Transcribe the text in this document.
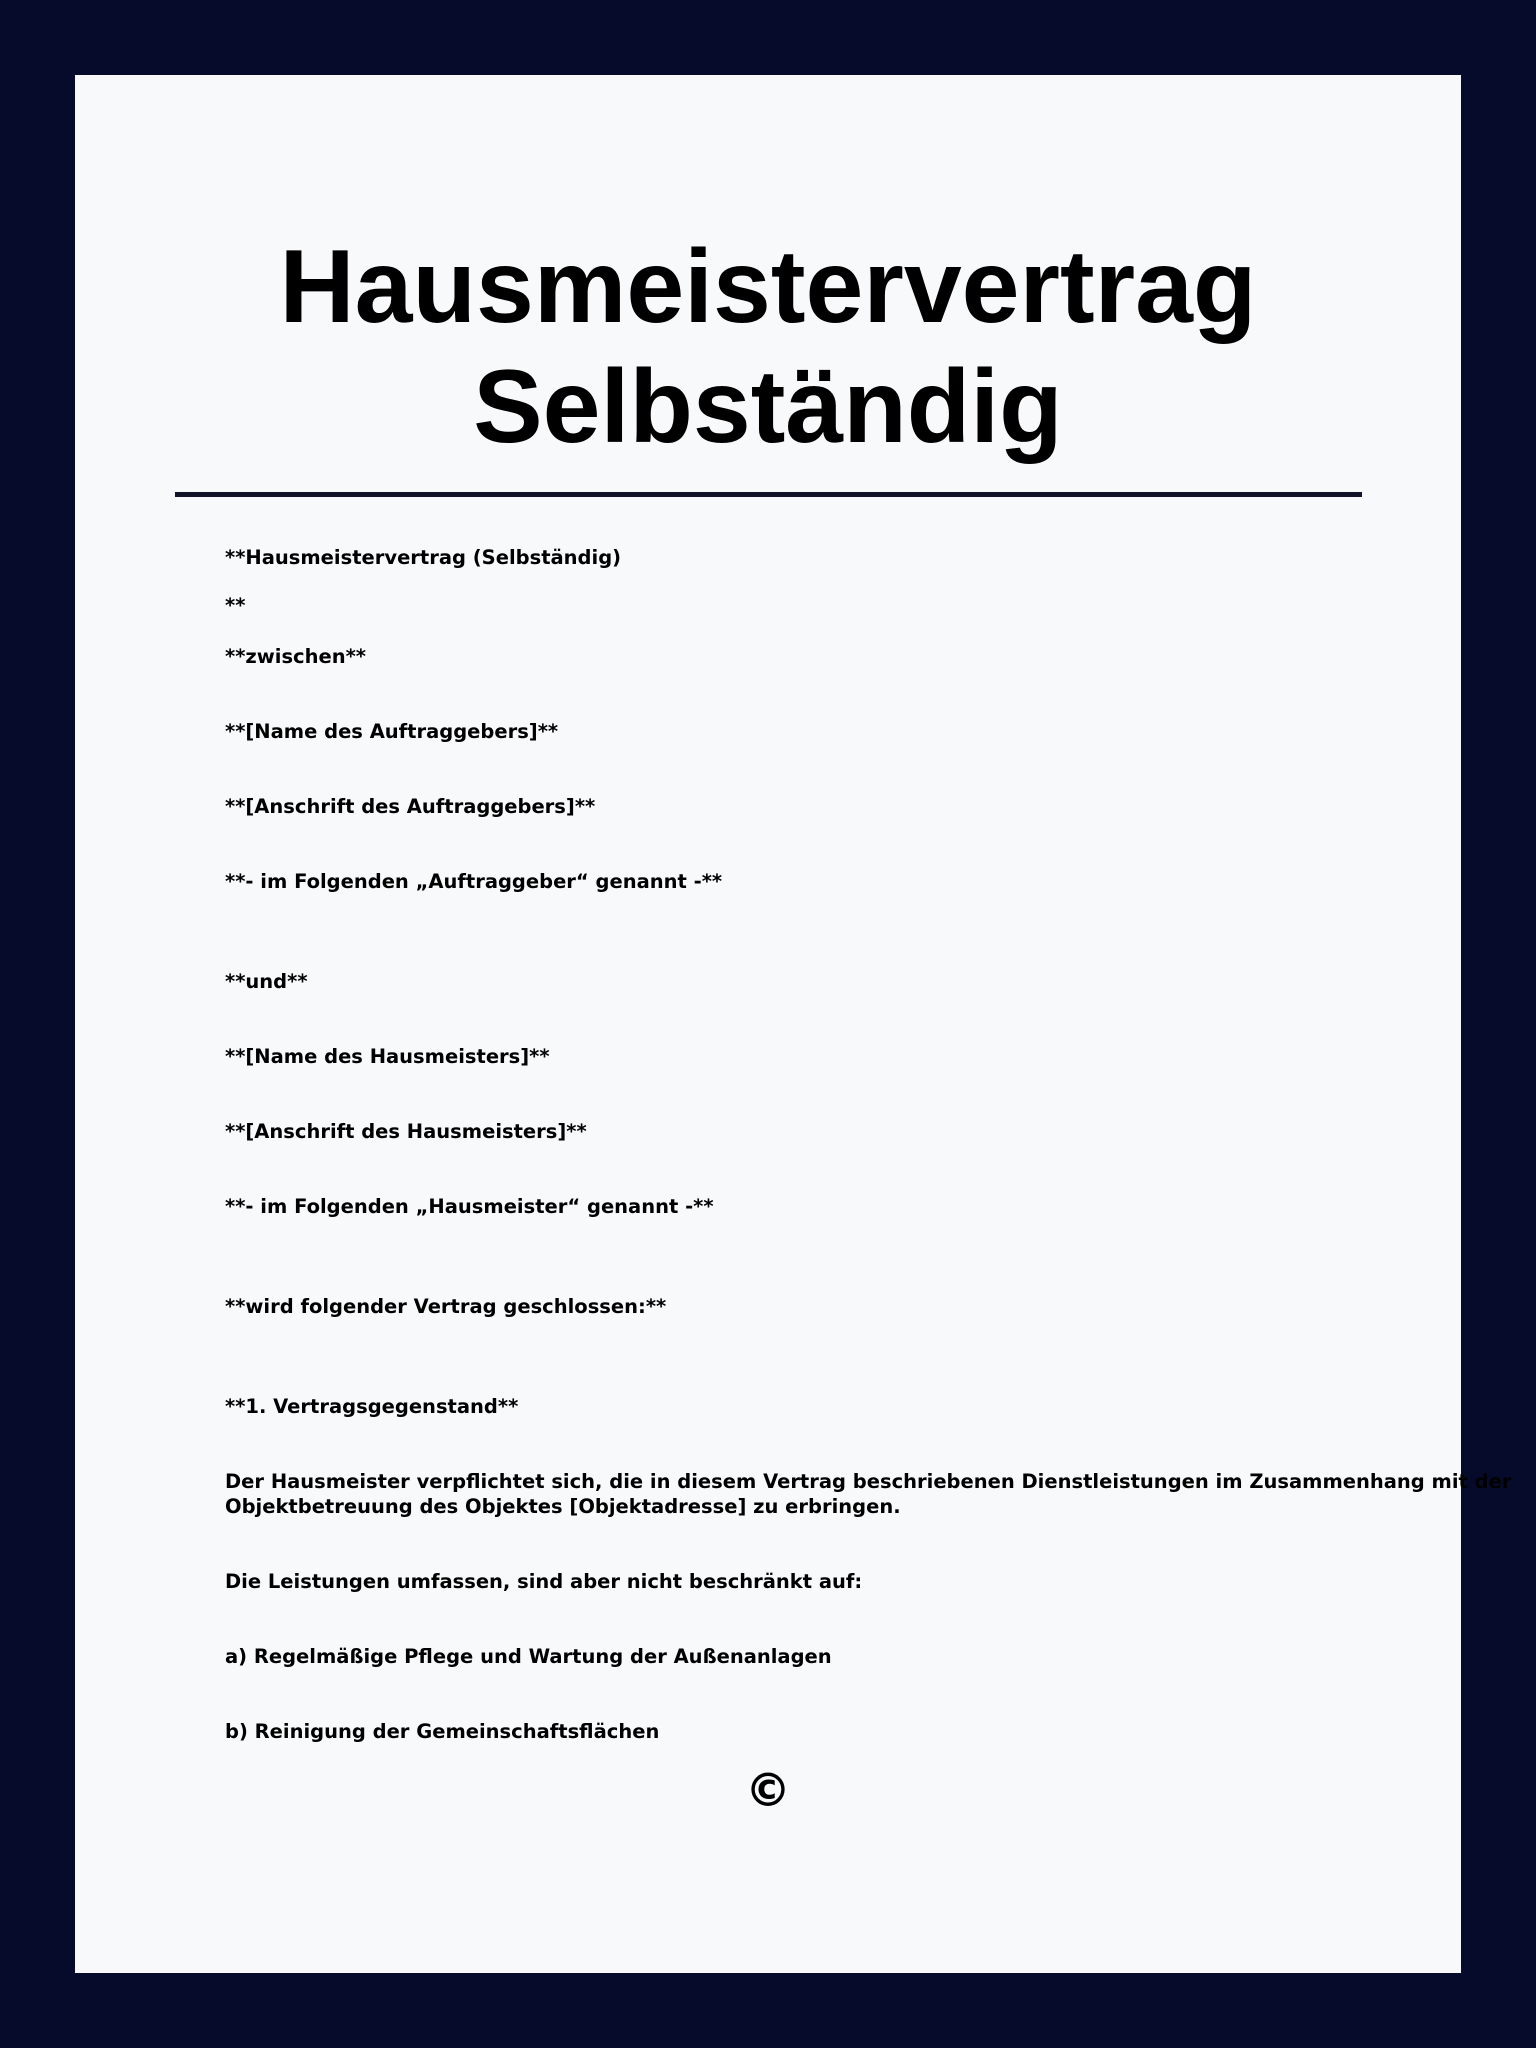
Hausmeistervertrag
Selbständig
**Hausmeistervertrag (Selbständig)
**
**zwischen**
**[Name des Auftraggebers]**
**[Anschrift des Auftraggebers]**
**- im Folgenden „Auftraggeber“ genannt -**
**und**
**[Name des Hausmeisters]**
**[Anschrift des Hausmeisters]**
**- im Folgenden „Hausmeister“ genannt -**
**wird folgender Vertrag geschlossen:**
**1. Vertragsgegenstand**
Der Hausmeister verpflichtet sich, die in diesem Vertrag beschriebenen Dienstleistungen im Zusammenhang mit der
Objektbetreuung des Objektes [Objektadresse] zu erbringen.
Die Leistungen umfassen, sind aber nicht beschränkt auf:
a) Regelmäßige Pflege und Wartung der Außenanlagen
b) Reinigung der Gemeinschaftsflächen
©
